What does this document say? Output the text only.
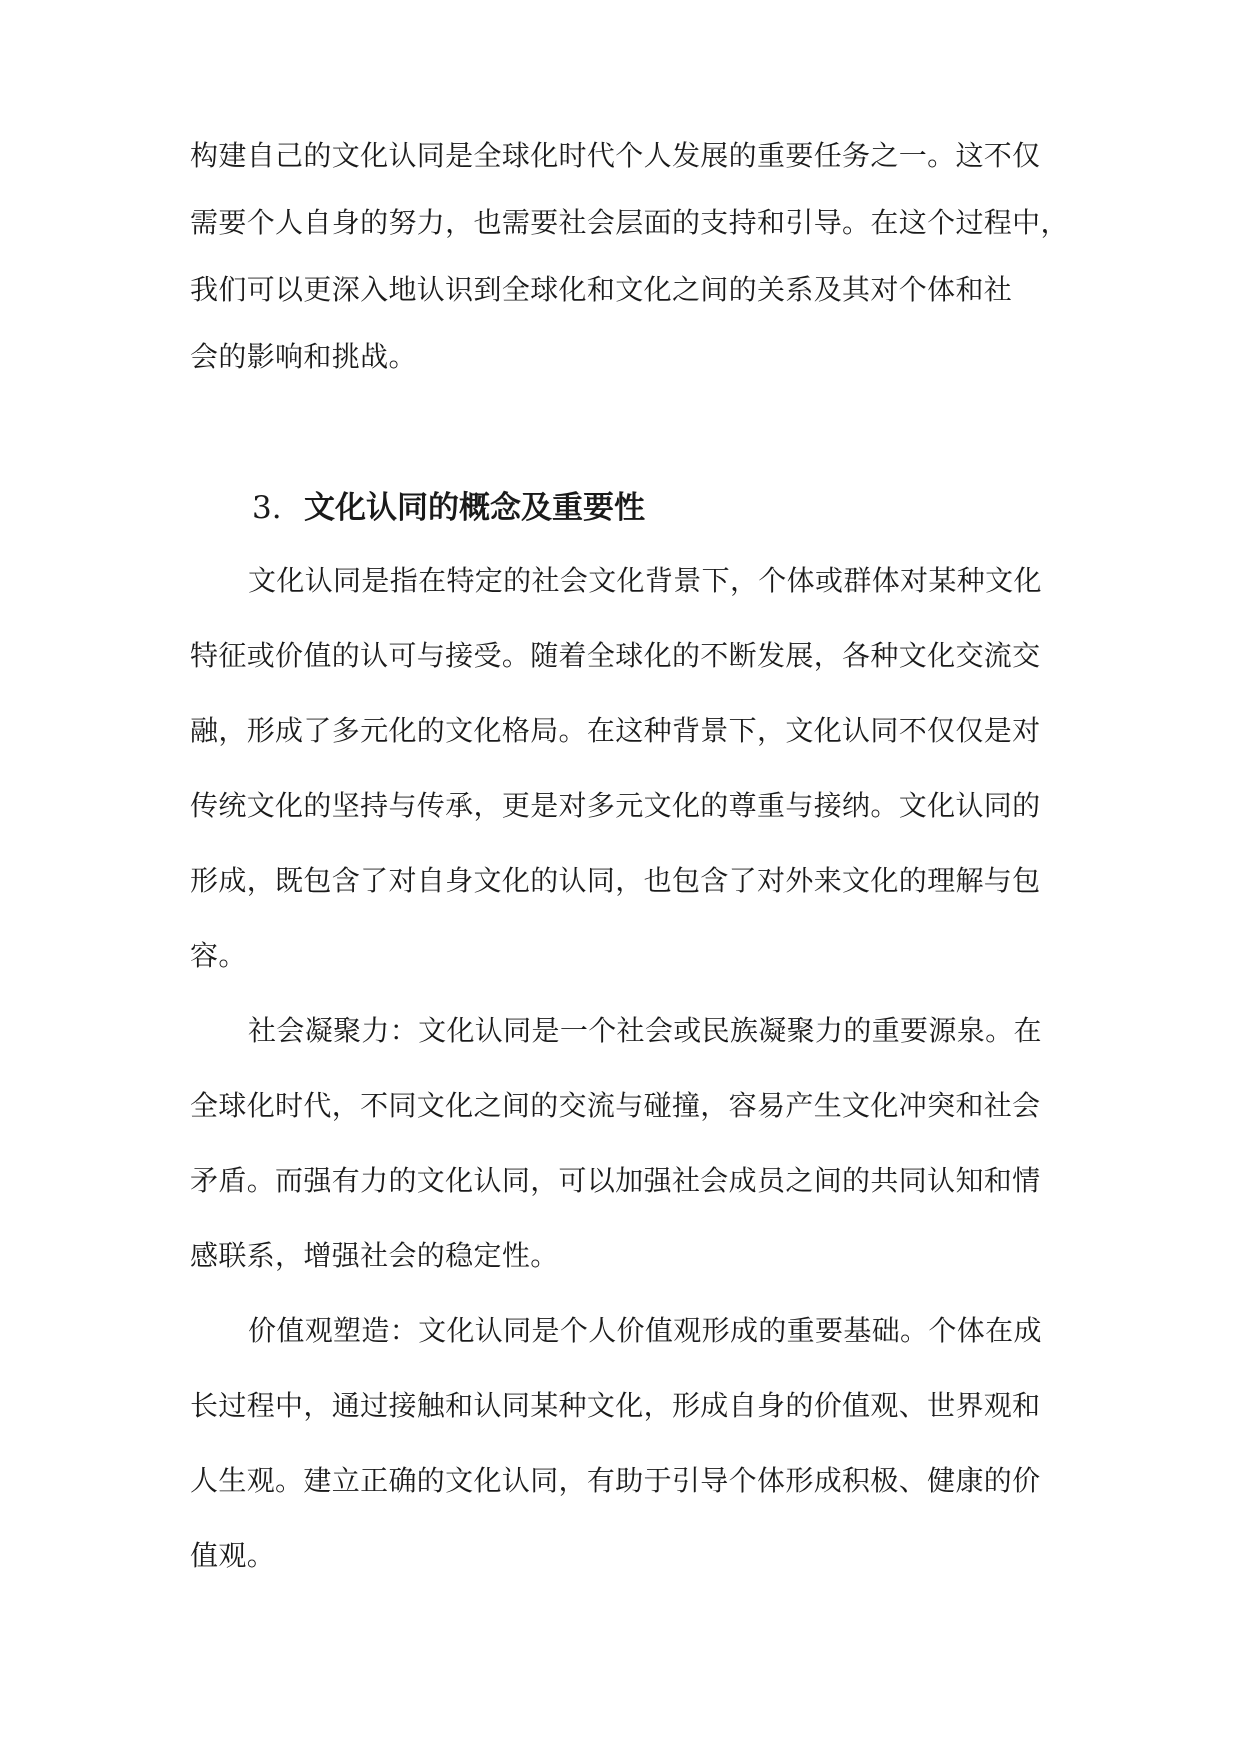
构建自己的文化认同是全球化时代个人发展的重要任务之一。这不仅
需要个人自身的努力，也需要社会层面的支持和引导。在这个过程中，
我们可以更深入地认识到全球化和文化之间的关系及其对个体和社
会的影响和挑战。
3. 文化认同的概念及重要性
文化认同是指在特定的社会文化背景下，个体或群体对某种文化
特征或价值的认可与接受。随着全球化的不断发展，各种文化交流交
融，形成了多元化的文化格局。在这种背景下，文化认同不仅仅是对
传统文化的坚持与传承，更是对多元文化的尊重与接纳。文化认同的
形成，既包含了对自身文化的认同，也包含了对外来文化的理解与包
容。
社会凝聚力：文化认同是一个社会或民族凝聚力的重要源泉。在
全球化时代，不同文化之间的交流与碰撞，容易产生文化冲突和社会
矛盾。而强有力的文化认同，可以加强社会成员之间的共同认知和情
感联系，增强社会的稳定性。
价值观塑造：文化认同是个人价值观形成的重要基础。个体在成
长过程中，通过接触和认同某种文化，形成自身的价值观、世界观和
人生观。建立正确的文化认同，有助于引导个体形成积极、健康的价
值观。
